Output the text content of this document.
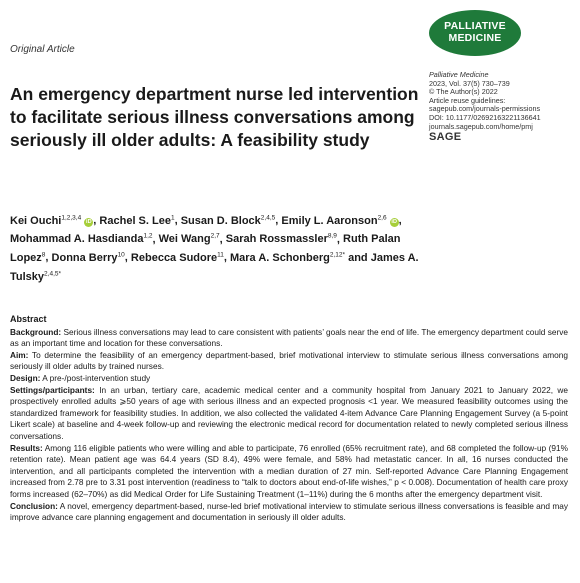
PALLIATIVE
MEDICINE
Original Article
Palliative Medicine
2023, Vol. 37(5) 730–739
© The Author(s) 2022
Article reuse guidelines:
sagepub.com/journals-permissions
DOI: 10.1177/02692163221136641
journals.sagepub.com/home/pmj
SAGE
An emergency department nurse led intervention to facilitate serious illness conversations among seriously ill older adults: A feasibility study
Kei Ouchi$^{1,2,3,4}$ iD , Rachel S. Lee$^1$, Susan D. Block$^{2,4,5}$, Emily L. Aaronson$^{2,6}$ iD , Mohammad A. Hasdianda$^{1,2}$, Wei Wang$^{2,7}$, Sarah Rossmassler$^{8,9}$, Ruth Palan Lopez$^8$, Donna Berry$^{10}$, Rebecca Sudore$^{11}$, Mara A. Schonberg$^{2,12*}$ and James A. Tulsky$^{2,4,5*}$
Abstract

Background: Serious illness conversations may lead to care consistent with patients’ goals near the end of life. The emergency department could serve as an important time and location for these conversations.

Aim: To determine the feasibility of an emergency department-based, brief motivational interview to stimulate serious illness conversations among seriously ill older adults by trained nurses.

Design: A pre-/post-intervention study

Settings/participants: In an urban, tertiary care, academic medical center and a community hospital from January 2021 to January 2022, we prospectively enrolled adults ⩾50 years of age with serious illness and an expected prognosis <1 year. We measured feasibility outcomes using the standardized framework for feasibility studies. In addition, we also collected the validated 4-item Advance Care Planning Engagement Survey (a 5-point Likert scale) at baseline and 4-week follow-up and reviewing the electronic medical record for documentation related to newly completed serious illness conversations.

Results: Among 116 eligible patients who were willing and able to participate, 76 enrolled (65% recruitment rate), and 68 completed the follow-up (91% retention rate). Mean patient age was 64.4 years (SD 8.4), 49% were female, and 58% had metastatic cancer. In all, 16 nurses conducted the intervention, and all participants completed the intervention with a median duration of 27 min. Self-reported Advance Care Planning Engagement increased from 2.78 pre to 3.31 post intervention (readiness to “talk to doctors about end-of-life wishes,” p < 0.008). Documentation of health care proxy forms increased (62–70%) as did Medical Order for Life Sustaining Treatment (1–11%) during the 6 months after the emergency department visit.

Conclusion: A novel, emergency department-based, nurse-led brief motivational interview to stimulate serious illness conversations is feasible and may improve advance care planning engagement and documentation in seriously ill older adults.
